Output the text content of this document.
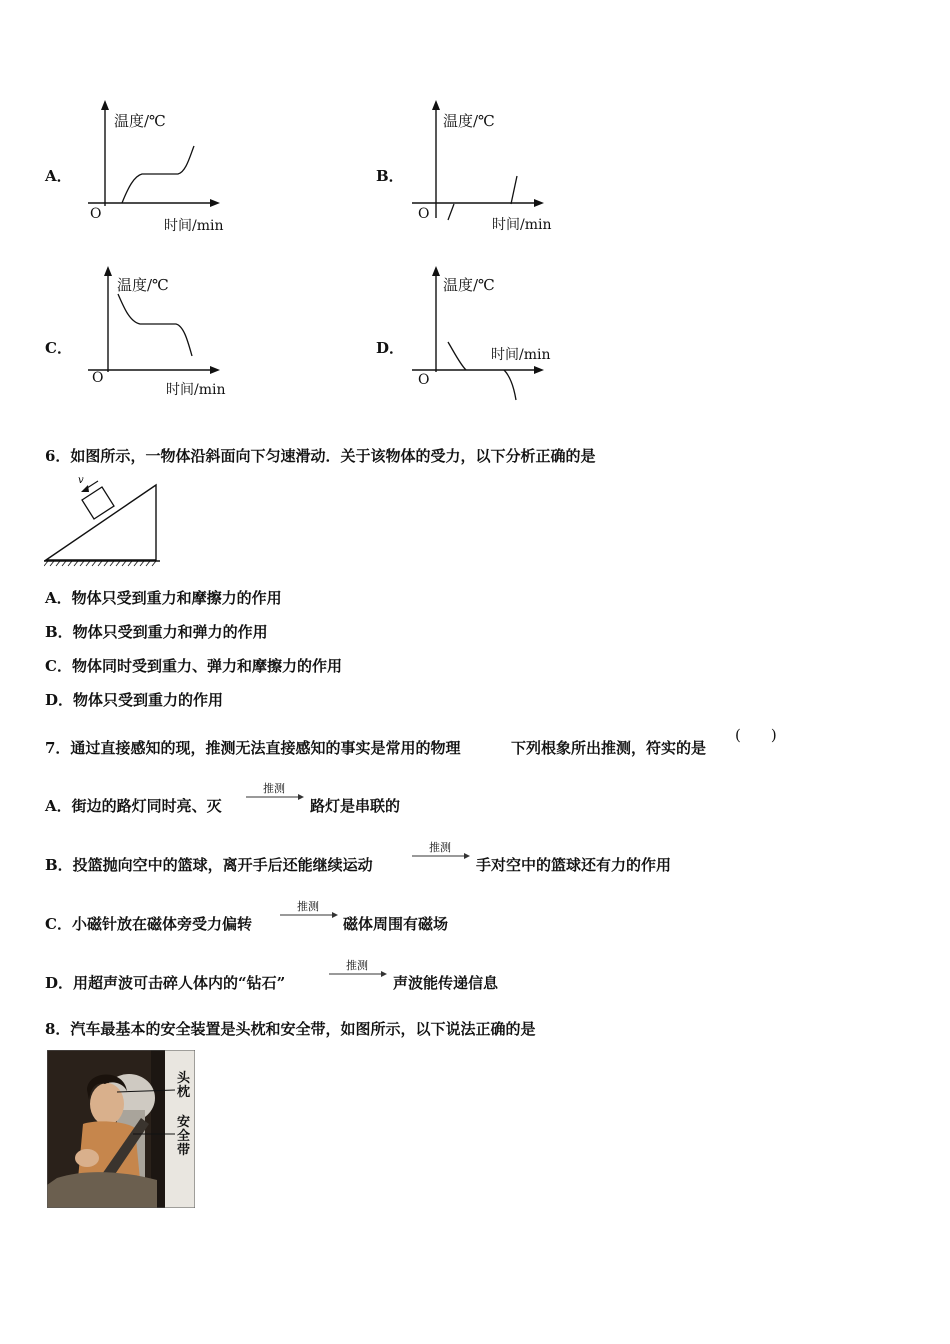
A．
温度/℃
O
时间/min
B．
温度/℃
O
时间/min
C．
温度/℃
O
时间/min
D．
温度/℃
O
时间/min
6．如图所示，一物体沿斜面向下匀速滑动．关于该物体的受力，以下分析正确的是
v
A．物体只受到重力和摩擦力的作用
B．物体只受到重力和弹力的作用
C．物体同时受到重力、弹力和摩擦力的作用
D．物体只受到重力的作用
7．通过直接感知的现，推测无法直接感知的事实是常用的物理	下列根象所出推测，符实的是
(　　)
A．街边的路灯同时亮、灭
推测
路灯是串联的
B．投篮抛向空中的篮球，离开手后还能继续运动
推测
手对空中的篮球还有力的作用
C．小磁针放在磁体旁受力偏转
推测
磁体周围有磁场
D．用超声波可击碎人体内的“钻石”
推测
声波能传递信息
8．汽车最基本的安全装置是头枕和安全带，如图所示，以下说法正确的是
头枕
安全带
